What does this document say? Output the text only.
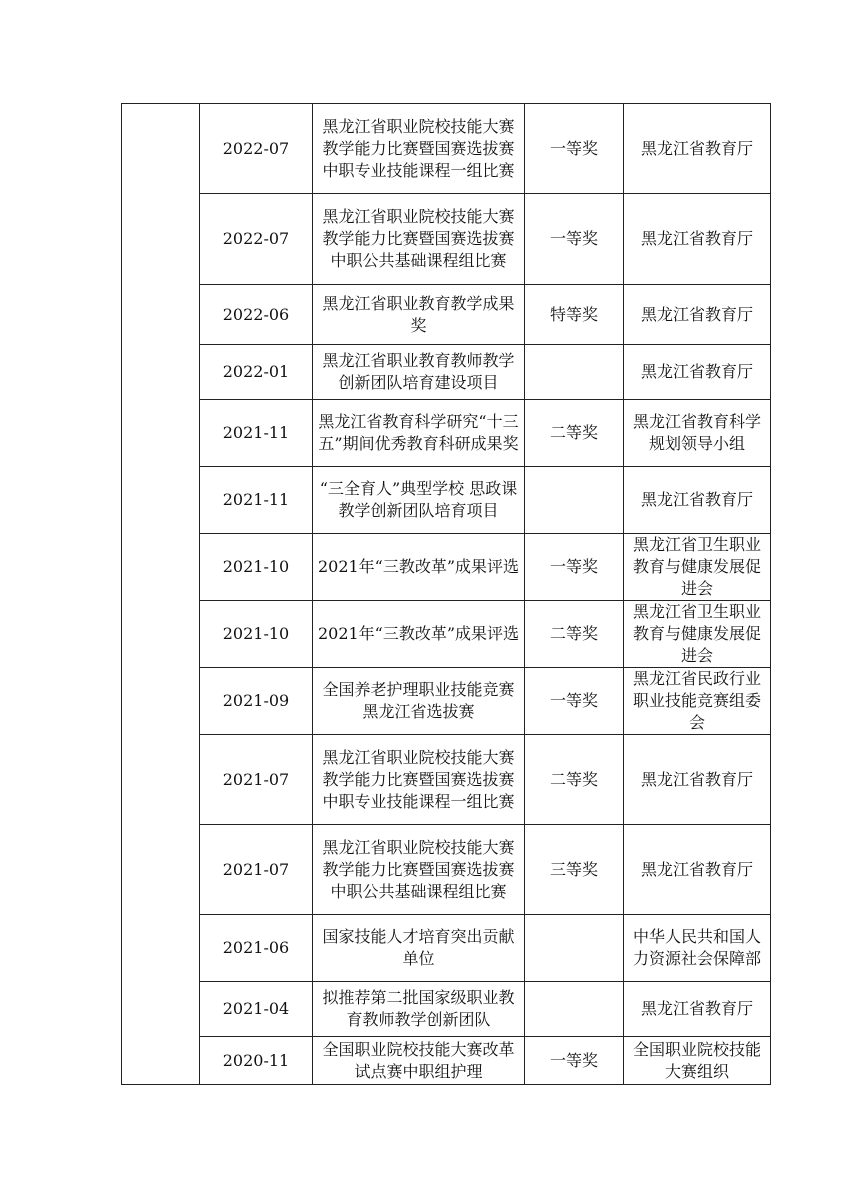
	2022-07	黑龙江省职业院校技能大赛教学能力比赛暨国赛选拔赛中职专业技能课程一组比赛	一等奖	黑龙江省教育厅

	2022-07	黑龙江省职业院校技能大赛教学能力比赛暨国赛选拔赛中职公共基础课程组比赛	一等奖	黑龙江省教育厅

	2022-06	黑龙江省职业教育教学成果奖	特等奖	黑龙江省教育厅

	2022-01	黑龙江省职业教育教师教学创新团队培育建设项目		黑龙江省教育厅

	2021-11	黑龙江省教育科学研究“十三五”期间优秀教育科研成果奖	二等奖	黑龙江省教育科学规划领导小组

	2021-11	“三全育人”典型学校 思政课教学创新团队培育项目		黑龙江省教育厅

	2021-10	2021年“三教改革”成果评选	一等奖	黑龙江省卫生职业教育与健康发展促进会

	2021-10	2021年“三教改革”成果评选	二等奖	黑龙江省卫生职业教育与健康发展促进会

	2021-09	全国养老护理职业技能竞赛黑龙江省选拔赛	一等奖	黑龙江省民政行业职业技能竞赛组委会

	2021-07	黑龙江省职业院校技能大赛教学能力比赛暨国赛选拔赛中职专业技能课程一组比赛	二等奖	黑龙江省教育厅

	2021-07	黑龙江省职业院校技能大赛教学能力比赛暨国赛选拔赛中职公共基础课程组比赛	三等奖	黑龙江省教育厅

	2021-06	国家技能人才培育突出贡献单位		中华人民共和国人力资源社会保障部

	2021-04	拟推荐第二批国家级职业教育教师教学创新团队		黑龙江省教育厅

	2020-11	全国职业院校技能大赛改革试点赛中职组护理	一等奖	全国职业院校技能大赛组织
